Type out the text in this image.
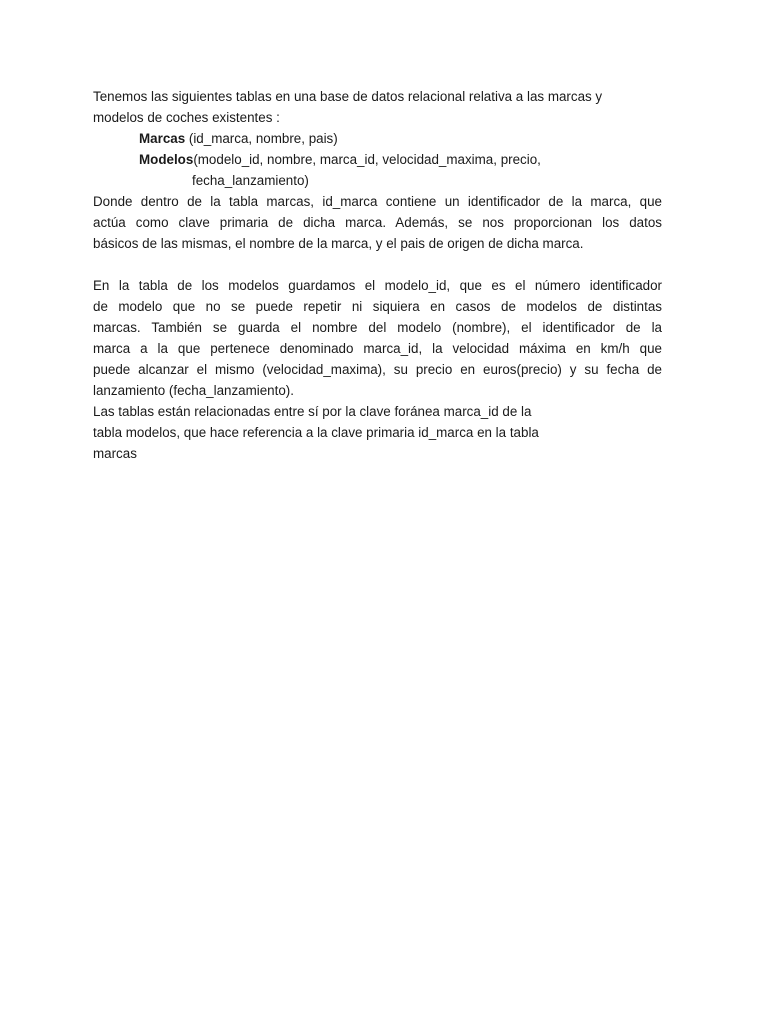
Tenemos las siguientes tablas en una base de datos relacional relativa a las marcas y
modelos de coches existentes :
Marcas (id_marca, nombre, pais)
Modelos(modelo_id, nombre, marca_id, velocidad_maxima, precio,
fecha_lanzamiento)
Donde dentro de la tabla marcas, id_marca contiene un identificador de la marca, que
actúa como clave primaria de dicha marca. Además, se nos proporcionan los datos
básicos de las mismas, el nombre de la marca, y el pais de origen de dicha marca.
En la tabla de los modelos guardamos el modelo_id, que es el número identificador
de modelo que no se puede repetir ni siquiera en casos de modelos de distintas
marcas. También se guarda el nombre del modelo (nombre), el identificador de la
marca a la que pertenece denominado marca_id, la velocidad máxima en km/h que
puede alcanzar el mismo (velocidad_maxima), su precio en euros(precio) y su fecha de
lanzamiento (fecha_lanzamiento).
Las tablas están relacionadas entre sí por la clave foránea marca_id de la
tabla modelos, que hace referencia a la clave primaria id_marca en la tabla
marcas
